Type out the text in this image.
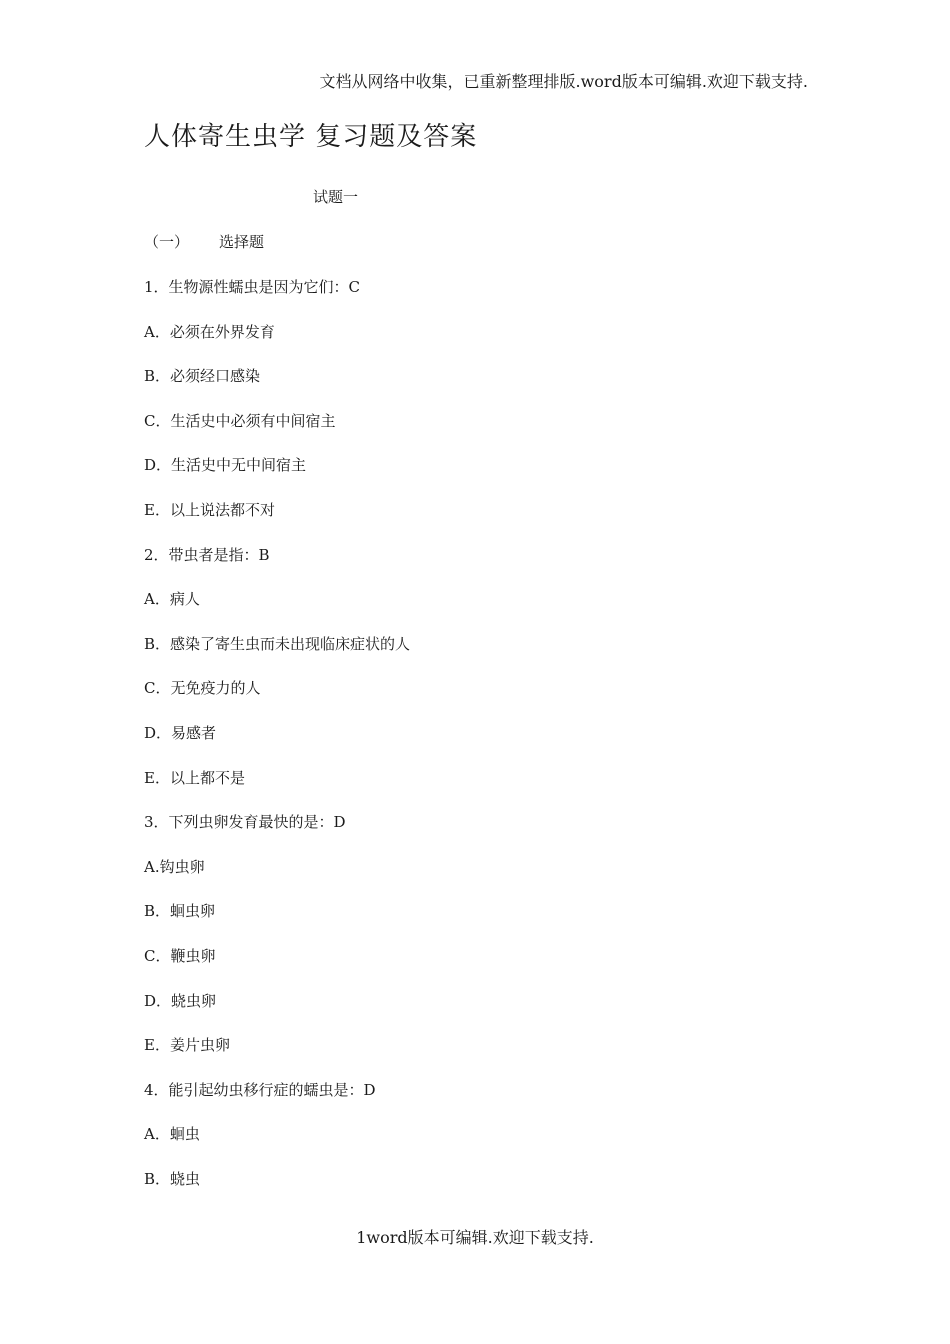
文档从网络中收集，已重新整理排版.word版本可编辑.欢迎下载支持.
人体寄生虫学 复习题及答案
试题一
（一） 选择题
1．生物源性蠕虫是因为它们：C
A．必须在外界发育
B．必须经口感染
C．生活史中必须有中间宿主
D．生活史中无中间宿主
E．以上说法都不对
2．带虫者是指：B
A．病人
B．感染了寄生虫而未出现临床症状的人
C．无免疫力的人
D．易感者
E．以上都不是
3．下列虫卵发育最快的是：D
A.钩虫卵
B．蛔虫卵
C．鞭虫卵
D．蛲虫卵
E．姜片虫卵
4．能引起幼虫移行症的蠕虫是：D
A．蛔虫
B．蛲虫
1word版本可编辑.欢迎下载支持.
